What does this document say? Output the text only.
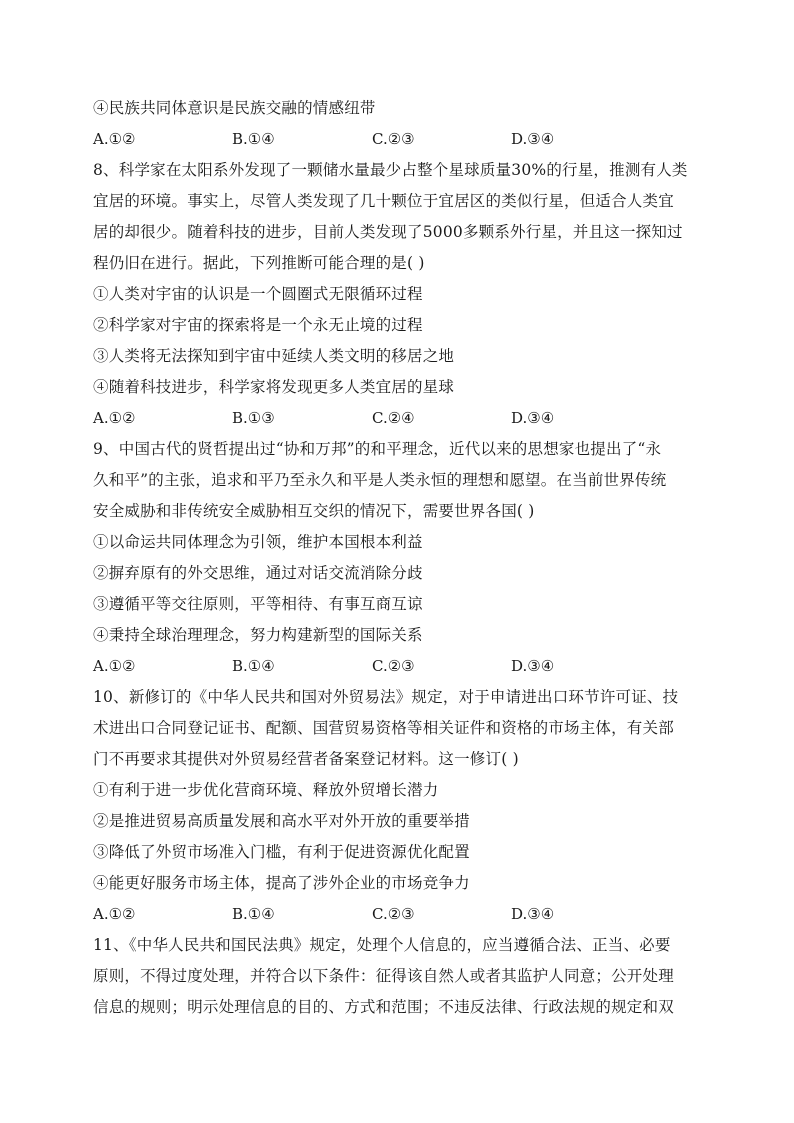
④民族共同体意识是民族交融的情感纽带
A.①②	B.①④	C.②③	D.③④
8、科学家在太阳系外发现了一颗储水量最少占整个星球质量30%的行星，推测有人类
宜居的环境。事实上，尽管人类发现了几十颗位于宜居区的类似行星，但适合人类宜
居的却很少。随着科技的进步，目前人类发现了5000多颗系外行星，并且这一探知过
程仍旧在进行。据此，下列推断可能合理的是( )
①人类对宇宙的认识是一个圆圈式无限循环过程
②科学家对宇宙的探索将是一个永无止境的过程
③人类将无法探知到宇宙中延续人类文明的移居之地
④随着科技进步，科学家将发现更多人类宜居的星球
A.①②	B.①③	C.②④	D.③④
9、中国古代的贤哲提出过“协和万邦”的和平理念，近代以来的思想家也提出了“永
久和平”的主张，追求和平乃至永久和平是人类永恒的理想和愿望。在当前世界传统
安全威胁和非传统安全威胁相互交织的情况下，需要世界各国( )
①以命运共同体理念为引领，维护本国根本利益
②摒弃原有的外交思维，通过对话交流消除分歧
③遵循平等交往原则，平等相待、有事互商互谅
④秉持全球治理理念，努力构建新型的国际关系
A.①②	B.①④	C.②③	D.③④
10、新修订的《中华人民共和国对外贸易法》规定，对于申请进出口环节许可证、技
术进出口合同登记证书、配额、国营贸易资格等相关证件和资格的市场主体，有关部
门不再要求其提供对外贸易经营者备案登记材料。这一修订( )
①有利于进一步优化营商环境、释放外贸增长潜力
②是推进贸易高质量发展和高水平对外开放的重要举措
③降低了外贸市场准入门槛，有利于促进资源优化配置
④能更好服务市场主体，提高了涉外企业的市场竞争力
A.①②	B.①④	C.②③	D.③④
11、《中华人民共和国民法典》规定，处理个人信息的，应当遵循合法、正当、必要
原则，不得过度处理，并符合以下条件：征得该自然人或者其监护人同意；公开处理
信息的规则；明示处理信息的目的、方式和范围；不违反法律、行政法规的规定和双
